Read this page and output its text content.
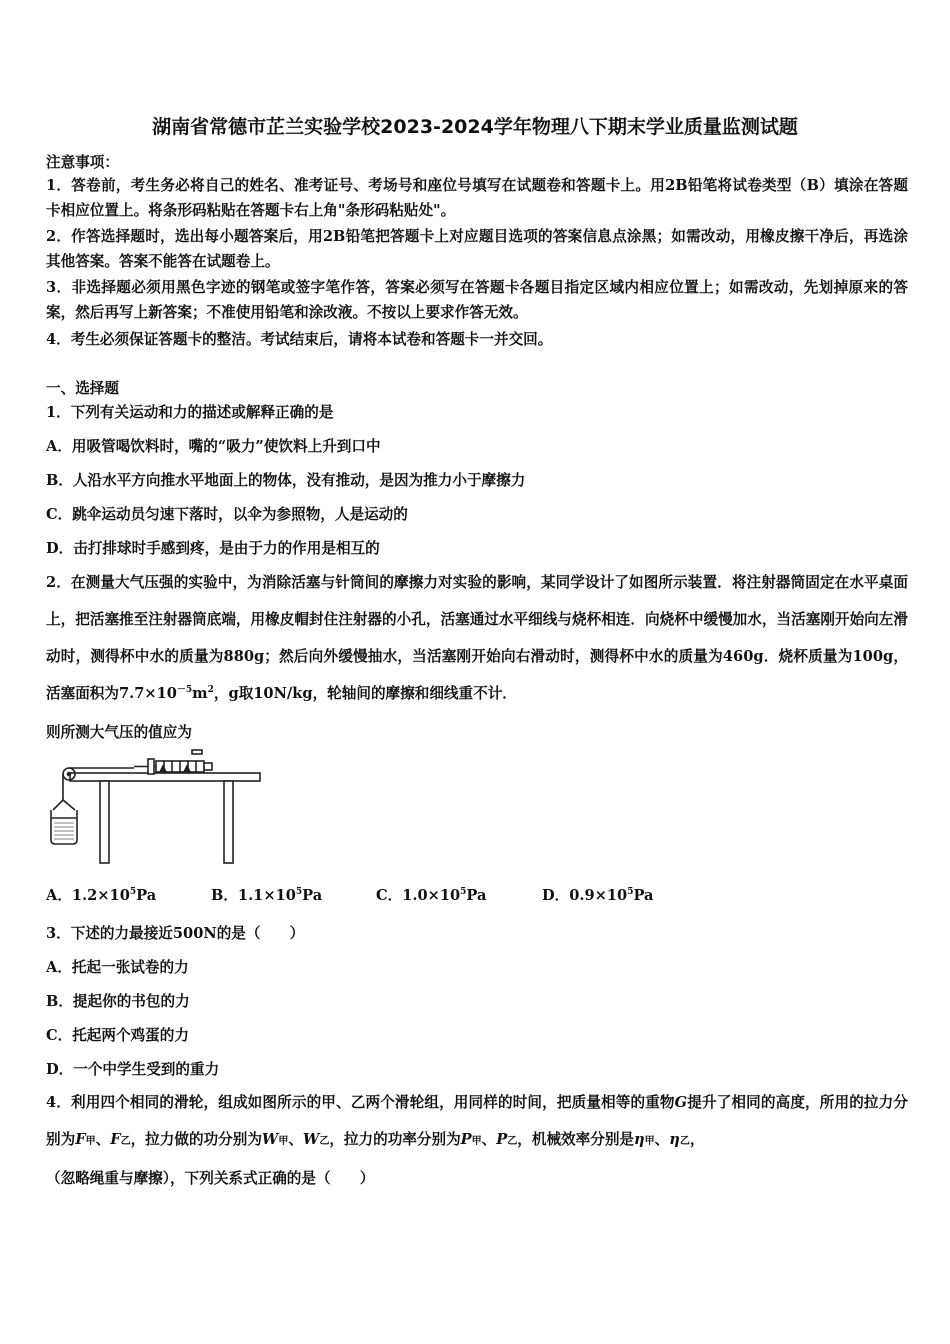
湖南省常德市芷兰实验学校2023-2024学年物理八下期末学业质量监测试题
注意事项：
1．答卷前，考生务必将自己的姓名、准考证号、考场号和座位号填写在试题卷和答题卡上。用2B铅笔将试卷类型（B）填涂在答题卡相应位置上。将条形码粘贴在答题卡右上角"条形码粘贴处"。
2．作答选择题时，选出每小题答案后，用2B铅笔把答题卡上对应题目选项的答案信息点涂黑；如需改动，用橡皮擦干净后，再选涂其他答案。答案不能答在试题卷上。
3．非选择题必须用黑色字迹的钢笔或签字笔作答，答案必须写在答题卡各题目指定区域内相应位置上；如需改动，先划掉原来的答案，然后再写上新答案；不准使用铅笔和涂改液。不按以上要求作答无效。
4．考生必须保证答题卡的整洁。考试结束后，请将本试卷和答题卡一并交回。
一、选择题
1．下列有关运动和力的描述或解释正确的是
A．用吸管喝饮料时，嘴的“吸力”使饮料上升到口中
B．人沿水平方向推水平地面上的物体，没有推动，是因为推力小于摩擦力
C．跳伞运动员匀速下落时，以伞为参照物，人是运动的
D．击打排球时手感到疼，是由于力的作用是相互的
2．在测量大气压强的实验中，为消除活塞与针筒间的摩擦力对实验的影响，某同学设计了如图所示装置．将注射器筒固定在水平桌面上，把活塞推至注射器筒底端，用橡皮帽封住注射器的小孔，活塞通过水平细线与烧杯相连．向烧杯中缓慢加水，当活塞刚开始向左滑动时，测得杯中水的质量为880g；然后向外缓慢抽水，当活塞刚开始向右滑动时，测得杯中水的质量为460g．烧杯质量为100g，活塞面积为$7.7\times 10^{-5}m^2$，g取10N/kg，轮轴间的摩擦和细线重不计．
则所测大气压的值应为
A．$1.2\times 10^5Pa$	B．$1.1\times 10^5Pa$	C．$1.0\times 10^5Pa$	D．$0.9\times 10^5Pa$
3．下述的力最接近500N的是（　　）
A．托起一张试卷的力
B．提起你的书包的力
C．托起两个鸡蛋的力
D．一个中学生受到的重力
4．利用四个相同的滑轮，组成如图所示的甲、乙两个滑轮组，用同样的时间，把质量相等的重物G提升了相同的高度，所用的拉力分别为F甲、F乙，拉力做的功分别为W甲、W乙，拉力的功率分别为P甲、P乙，机械效率分别是η甲、η乙，
（忽略绳重与摩擦），下列关系式正确的是（　　）
